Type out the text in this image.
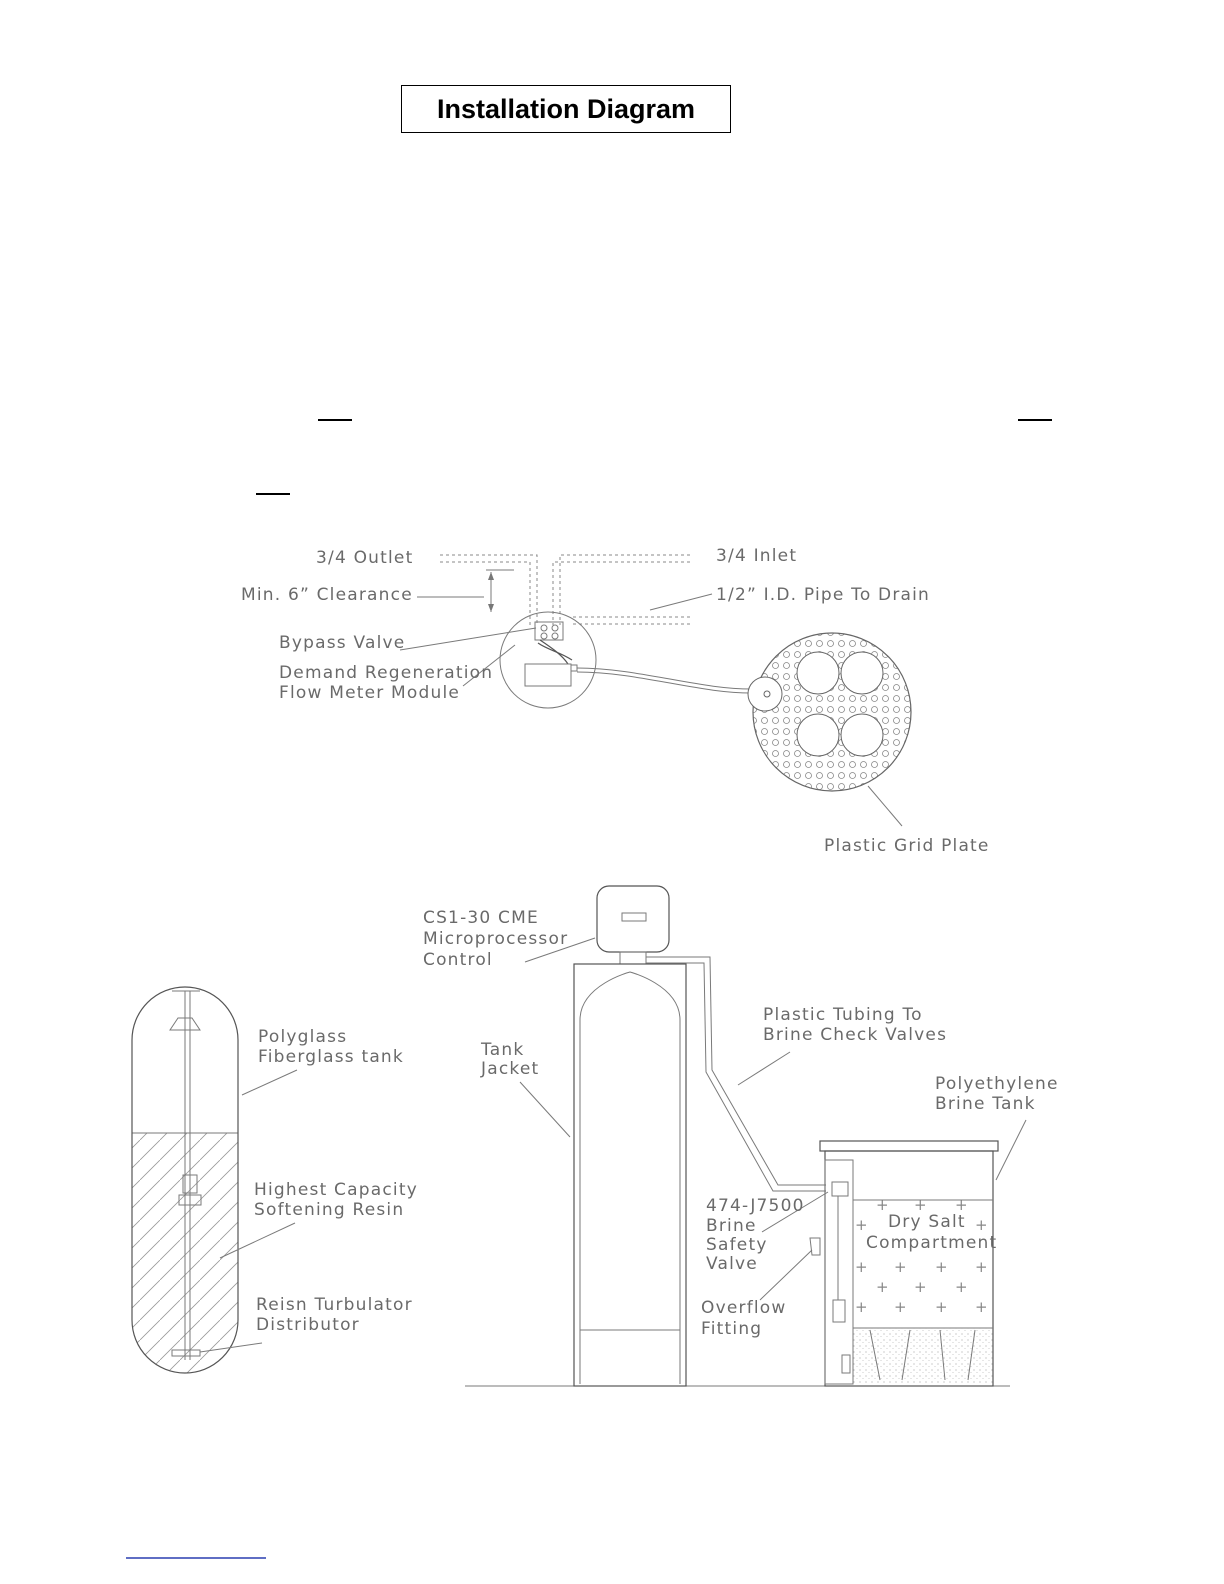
Installation Diagram
+ + +
+	+
+ + + +
+ + +
+ + + +
3/4 Outlet	3/4 Inlet
Min. 6” Clearance	1/2” I.D. Pipe To Drain
Bypass Valve
Demand Regeneration
Flow Meter Module
Plastic Grid Plate
CS1-30 CME
Microprocessor
Control
Plastic Tubing To
Brine Check Valves
Polyethylene
Brine Tank
Tank
Jacket
Polyglass
Fiberglass tank
Highest Capacity
Softening Resin
Reisn Turbulator
Distributor
474-J7500
Brine
Safety
Valve
Overflow
Fitting
Dry Salt
Compartment
